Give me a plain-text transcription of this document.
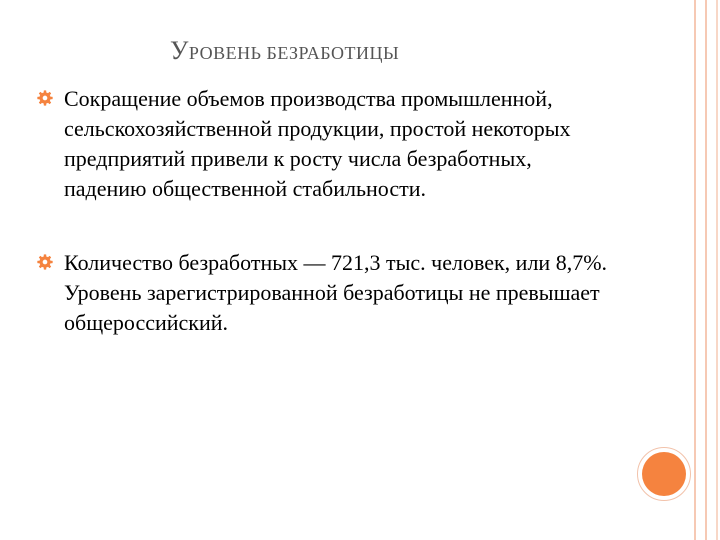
УРОВЕНЬ БЕЗРАБОТИЦЫ
Сокращение объемов производства промышленной, сельскохозяйственной продукции, простой некоторых предприятий привели к росту числа безработных, падению общественной стабильности.
Количество безработных — 721,3 тыс. человек, или 8,7%. Уровень зарегистрированной безработицы не превышает общероссийский.
